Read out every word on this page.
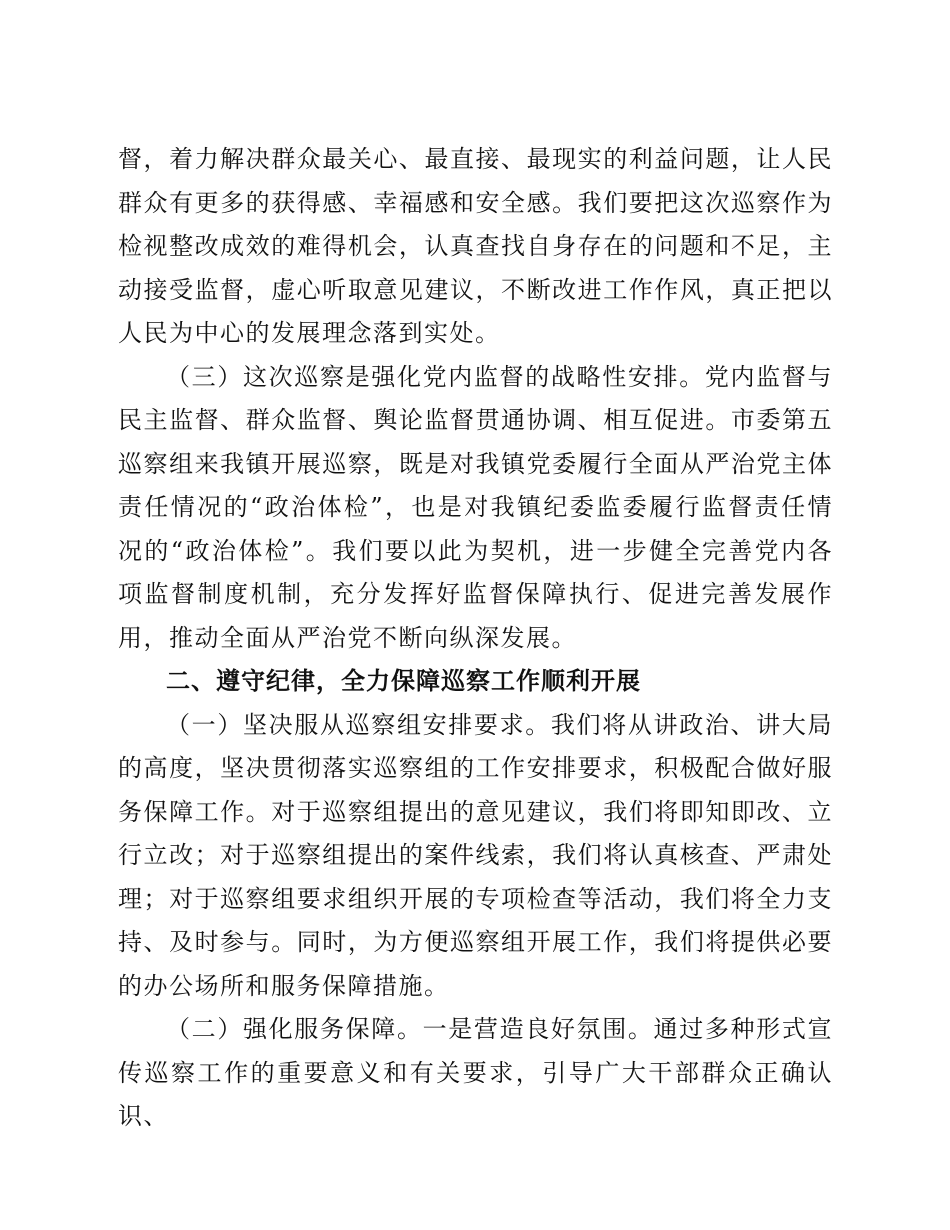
督，着力解决群众最关心、最直接、最现实的利益问题，让人民群众有更多的获得感、幸福感和安全感。我们要把这次巡察作为检视整改成效的难得机会，认真查找自身存在的问题和不足，主动接受监督，虚心听取意见建议，不断改进工作作风，真正把以人民为中心的发展理念落到实处。

（三）这次巡察是强化党内监督的战略性安排。党内监督与民主监督、群众监督、舆论监督贯通协调、相互促进。市委第五巡察组来我镇开展巡察，既是对我镇党委履行全面从严治党主体责任情况的“政治体检”，也是对我镇纪委监委履行监督责任情况的“政治体检”。我们要以此为契机，进一步健全完善党内各项监督制度机制，充分发挥好监督保障执行、促进完善发展作用，推动全面从严治党不断向纵深发展。

二、遵守纪律，全力保障巡察工作顺利开展

（一）坚决服从巡察组安排要求。我们将从讲政治、讲大局的高度，坚决贯彻落实巡察组的工作安排要求，积极配合做好服务保障工作。对于巡察组提出的意见建议，我们将即知即改、立行立改；对于巡察组提出的案件线索，我们将认真核查、严肃处理；对于巡察组要求组织开展的专项检查等活动，我们将全力支持、及时参与。同时，为方便巡察组开展工作，我们将提供必要的办公场所和服务保障措施。

（二）强化服务保障。一是营造良好氛围。通过多种形式宣传巡察工作的重要意义和有关要求，引导广大干部群众正确认识、
